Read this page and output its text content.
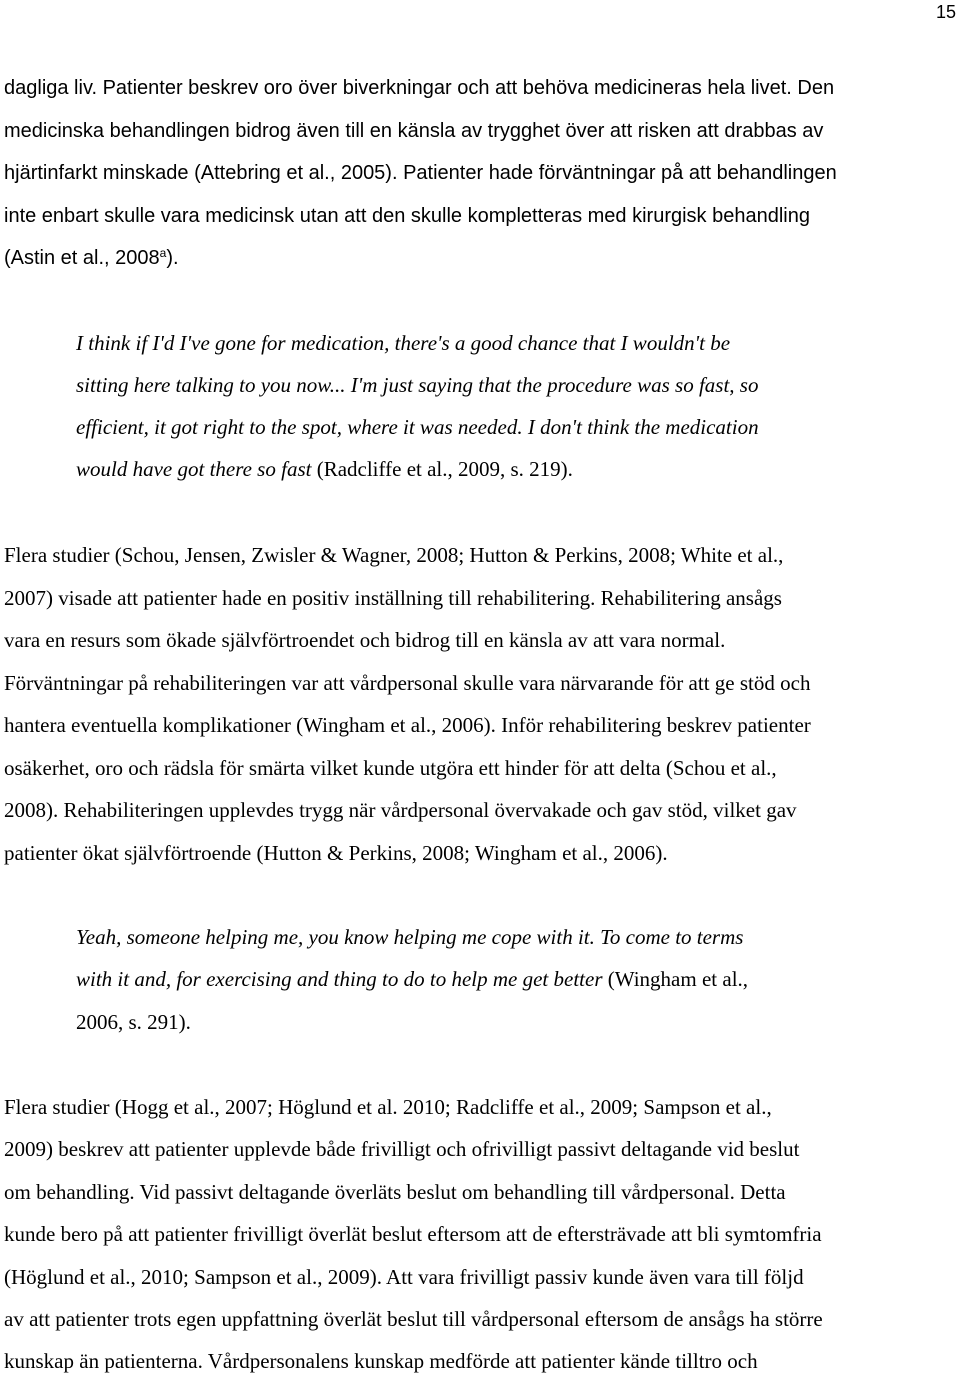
15
dagliga liv. Patienter beskrev oro över biverkningar och att behöva medicineras hela livet. Den
medicinska behandlingen bidrog även till en känsla av trygghet över att risken att drabbas av
hjärtinfarkt minskade (Attebring et al., 2005). Patienter hade förväntningar på att behandlingen
inte enbart skulle vara medicinsk utan att den skulle kompletteras med kirurgisk behandling
(Astin et al., 2008$^a$).
I think if I'd I've gone for medication, there's a good chance that I wouldn't be
sitting here talking to you now... I'm just saying that the procedure was so fast, so
efficient, it got right to the spot, where it was needed. I don't think the medication
would have got there so fast (Radcliffe et al., 2009, s. 219).
Flera studier (Schou, Jensen, Zwisler & Wagner, 2008; Hutton & Perkins, 2008; White et al.,
2007) visade att patienter hade en positiv inställning till rehabilitering. Rehabilitering ansågs
vara en resurs som ökade självförtroendet och bidrog till en känsla av att vara normal.
Förväntningar på rehabiliteringen var att vårdpersonal skulle vara närvarande för att ge stöd och
hantera eventuella komplikationer (Wingham et al., 2006). Inför rehabilitering beskrev patienter
osäkerhet, oro och rädsla för smärta vilket kunde utgöra ett hinder för att delta (Schou et al.,
2008). Rehabiliteringen upplevdes trygg när vårdpersonal övervakade och gav stöd, vilket gav
patienter ökat självförtroende (Hutton & Perkins, 2008; Wingham et al., 2006).
Yeah, someone helping me, you know helping me cope with it. To come to terms
with it and, for exercising and thing to do to help me get better (Wingham et al.,
2006, s. 291).
Flera studier (Hogg et al., 2007; Höglund et al. 2010; Radcliffe et al., 2009; Sampson et al.,
2009) beskrev att patienter upplevde både frivilligt och ofrivilligt passivt deltagande vid beslut
om behandling. Vid passivt deltagande överläts beslut om behandling till vårdpersonal. Detta
kunde bero på att patienter frivilligt överlät beslut eftersom att de eftersträvade att bli symtomfria
(Höglund et al., 2010; Sampson et al., 2009). Att vara frivilligt passiv kunde även vara till följd
av att patienter trots egen uppfattning överlät beslut till vårdpersonal eftersom de ansågs ha större
kunskap än patienterna. Vårdpersonalens kunskap medförde att patienter kände tilltro och
